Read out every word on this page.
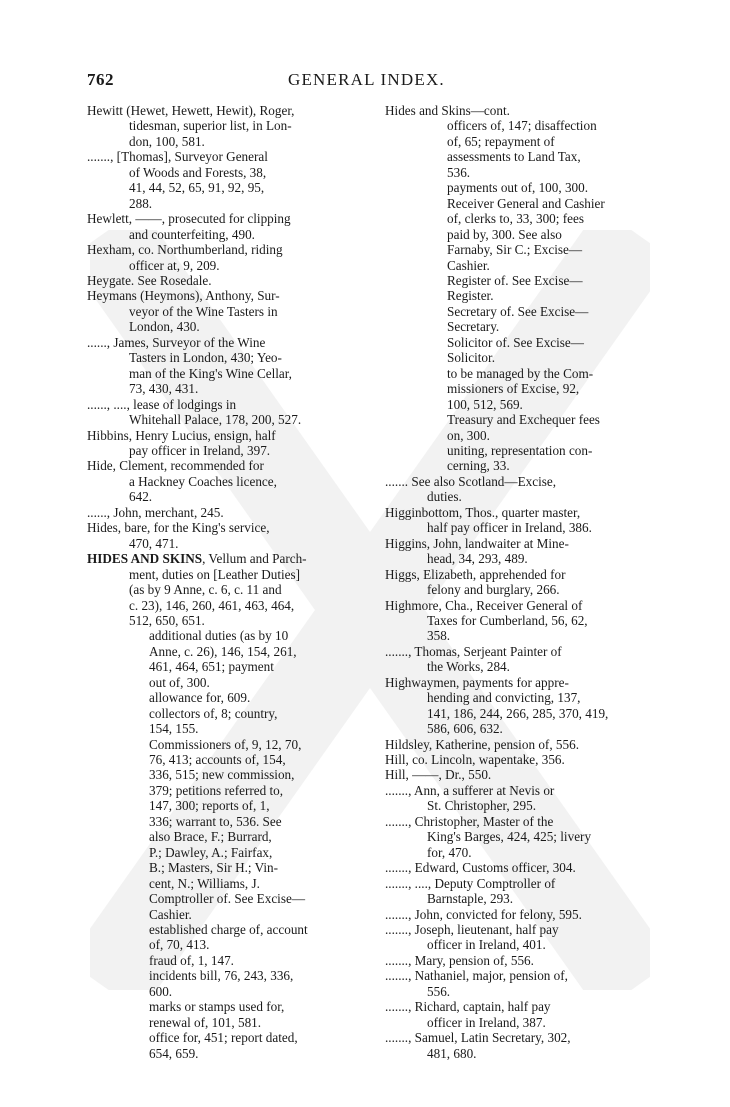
762	GENERAL INDEX.
Hewitt (Hewet, Hewett, Hewit), Roger,
tidesman, superior list, in Lon-
don, 100, 581.
......., [Thomas], Surveyor General
of Woods and Forests, 38,
41, 44, 52, 65, 91, 92, 95,
288.
Hewlett, ——, prosecuted for clipping
and counterfeiting, 490.
Hexham, co. Northumberland, riding
officer at, 9, 209.
Heygate. See Rosedale.
Heymans (Heymons), Anthony, Sur-
veyor of the Wine Tasters in
London, 430.
......, James, Surveyor of the Wine
Tasters in London, 430; Yeo-
man of the King's Wine Cellar,
73, 430, 431.
......, ...., lease of lodgings in
Whitehall Palace, 178, 200, 527.
Hibbins, Henry Lucius, ensign, half
pay officer in Ireland, 397.
Hide, Clement, recommended for
a Hackney Coaches licence,
642.
......, John, merchant, 245.
Hides, bare, for the King's service,
470, 471.
HIDES AND SKINS, Vellum and Parch-
ment, duties on [Leather Duties]
(as by 9 Anne, c. 6, c. 11 and
c. 23), 146, 260, 461, 463, 464,
512, 650, 651.
additional duties (as by 10
Anne, c. 26), 146, 154, 261,
461, 464, 651; payment
out of, 300.
allowance for, 609.
collectors of, 8; country,
154, 155.
Commissioners of, 9, 12, 70,
76, 413; accounts of, 154,
336, 515; new commission,
379; petitions referred to,
147, 300; reports of, 1,
336; warrant to, 536. See
also Brace, F.; Burrard,
P.; Dawley, A.; Fairfax,
B.; Masters, Sir H.; Vin-
cent, N.; Williams, J.
Comptroller of. See Excise—
Cashier.
established charge of, account
of, 70, 413.
fraud of, 1, 147.
incidents bill, 76, 243, 336,
600.
marks or stamps used for,
renewal of, 101, 581.
office for, 451; report dated,
654, 659.
Hides and Skins—cont.
officers of, 147; disaffection
of, 65; repayment of
assessments to Land Tax,
536.
payments out of, 100, 300.
Receiver General and Cashier
of, clerks to, 33, 300; fees
paid by, 300. See also
Farnaby, Sir C.; Excise—
Cashier.
Register of. See Excise—
Register.
Secretary of. See Excise—
Secretary.
Solicitor of. See Excise—
Solicitor.
to be managed by the Com-
missioners of Excise, 92,
100, 512, 569.
Treasury and Exchequer fees
on, 300.
uniting, representation con-
cerning, 33.
....... See also Scotland—Excise,
duties.
Higginbottom, Thos., quarter master,
half pay officer in Ireland, 386.
Higgins, John, landwaiter at Mine-
head, 34, 293, 489.
Higgs, Elizabeth, apprehended for
felony and burglary, 266.
Highmore, Cha., Receiver General of
Taxes for Cumberland, 56, 62,
358.
......., Thomas, Serjeant Painter of
the Works, 284.
Highwaymen, payments for appre-
hending and convicting, 137,
141, 186, 244, 266, 285, 370, 419,
586, 606, 632.
Hildsley, Katherine, pension of, 556.
Hill, co. Lincoln, wapentake, 356.
Hill, ——, Dr., 550.
......., Ann, a sufferer at Nevis or
St. Christopher, 295.
......., Christopher, Master of the
King's Barges, 424, 425; livery
for, 470.
......., Edward, Customs officer, 304.
......., ...., Deputy Comptroller of
Barnstaple, 293.
......., John, convicted for felony, 595.
......., Joseph, lieutenant, half pay
officer in Ireland, 401.
......., Mary, pension of, 556.
......., Nathaniel, major, pension of,
556.
......., Richard, captain, half pay
officer in Ireland, 387.
......., Samuel, Latin Secretary, 302,
481, 680.
